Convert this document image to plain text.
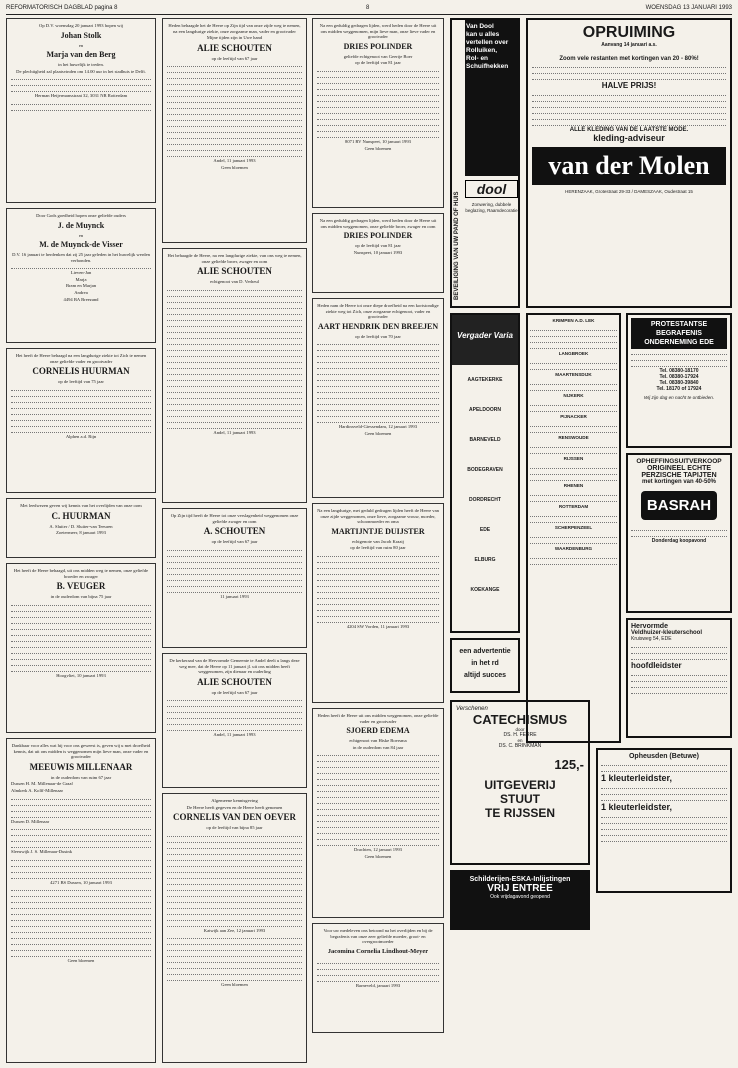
REFORMATORISCH DAGBLAD pagina 8	8	WOENSDAG 13 JANUARI 1993

Op D.V. woensdag 20 januari 1993 hopen wij

Johan Stolk
en
Marja van den Berg

in het huwelijk te treden.

De plechtigheid zal plaatsvinden om 14.00 uur in het stadhuis te Delft.

Herman Heijermansstraat 32, 3031 NR Rotterdam

Door Gods goedheid hopen onze geliefde ouders

J. de Muynck
en
M. de Muynck-de Visser

D.V. 16 januari te herdenken dat zij 25 jaar geleden in het huwelijk werden verbonden.

Lieven-Jan

Marja

Bram en Marjan

Andrea

4494 BA Breezand

Het heeft de Heere behaagd na een langdurige ziekte tot Zich te nemen onze geliefde vader en grootvader

CORNELIS HUURMAN

op de leeftijd van 75 jaar

Alphen a.d. Rijn

Met leedwezen geven wij kennis van het overlijden van onze oom

C. HUURMAN

A. Sluiter / D. Sluiter-van Teeuren

Zoetermeer, 8 januari 1993

Het heeft de Heere behaagd, uit ons midden weg te nemen, onze geliefde broeder en zwager

B. VEUGER

in de ouderdom van bijna 75 jaar

Hoogvliet, 10 januari 1993

Dankbaar voor alles wat hij voor ons geweest is, geven wij u met droefheid kennis, dat uit ons midden is weggenomen mijn lieve man, onze vader en grootvader

MEEUWIS MILLENAAR

in de ouderdom van ruim 67 jaar

Dussen H. M. Millenaar-de Graaf

Almkerk A. Kolff-Millenaar

Dussen D. Millenaar

Sleeuwijk J. S. Millenaar-Dusink

4271 BS Dussen, 10 januari 1993

Geen bloemen

Heden behaagde het de Heere op Zijn tijd van onze zijde weg te nemen, na een langdurige ziekte, onze zorgzame man, vader en grootvader

Mijne tijden zijn in Uwe hand

ALIE SCHOUTEN

op de leeftijd van 67 jaar

Andel, 11 januari 1993

Geen bloemen

Het behaagde de Heere, na een langdurige ziekte, van ons weg te nemen, onze geliefde broer, zwager en oom

ALIE SCHOUTEN

echtgenoot van D. Verheul

Andel, 11 januari 1993

Op Zijn tijd heeft de Heere tot onze verslagenheid weggenomen onze geliefde zwager en oom

A. SCHOUTEN

op de leeftijd van 67 jaar

11 januari 1993

De kerkeraad van de Hervormde Gemeente te Andel deelt u langs deze weg mee, dat de Heere op 11 januari jl. uit ons midden heeft weggenomen, zijn dienaar en ouderling

ALIE SCHOUTEN

op de leeftijd van 67 jaar

Andel, 11 januari 1993

Algemeene kennisgeving

De Heere heeft gegeven en de Heere heeft genomen

CORNELIS VAN DEN OEVER

op de leeftijd van bijna 85 jaar

Katwijk aan Zee, 12 januari 1993

Geen bloemen

Na een geduldig gedragen lijden, werd heden door de Heere uit ons midden weggenomen, mijn lieve man, onze lieve vader en grootvader

DRIES POLINDER

geliefde echtgenoot van Geertje Boer

op de leeftijd van 81 jaar

8071 RV Nunspeet, 10 januari 1993

Geen bloemen

Na een geduldig gedragen lijden, werd heden door de Heere uit ons midden weggenomen, onze geliefde broer, zwager en oom

DRIES POLINDER

op de leeftijd van 81 jaar

Nunspeet, 10 januari 1993

Heden nam de Heere tot onze diepe droefheid na een kortstondige ziekte weg tot Zich, onze zorgzame echtgenoot, vader en grootvader

AART HENDRIK DEN BREEJEN

op de leeftijd van 70 jaar

Hardinxveld-Giessendam, 12 januari 1993

Geen bloemen

Na een langdurige, met geduld gedragen lijden heeft de Heere van onze zijde weggenomen, onze lieve, zorgzame vrouw, moeder, schoonmoeder en oma

MARTIJNTJE DUIJSTER

echtgenote van Jacob Kraaij

op de leeftijd van ruim 80 jaar

4204 SW Vorden, 11 januari 1993

Heden heeft de Heere uit ons midden weggenomen, onze geliefde vader en grootvader

SJOERD EDEMA

echtgenoot van Hiske Boersma

in de ouderdom van 84 jaar

Drachten, 12 januari 1993

Geen bloemen

Voor uw medeleven ons betoond na het overlijden en bij de begrafenis van onze zeer geliefde moeder, groot- en overgrootmoeder

Jacomina Cornelia Lindhout-Meyer

Barneveld, januari 1993

BEVEILIGING VAN UW PAND OF HUIS
Van Dool
kan u alles
vertellen over
Rolluiken,
Rol- en
Schuifhekken
dool
Zonwering, dubbele beglazing, Raamdecoratie
Vergader Varia
AAGTEKERKE
APELDOORN
BARNEVELD
BODEGRAVEN
DORDRECHT
EDE
ELBURG
KOEKANGE
een advertentie
in het rd
altijd succes
Verschenen
CATECHISMUS
door
DS. H. FERRE
en
DS. C. BRINKMAN
125,-
UITGEVERIJ
STUUT
TE RIJSSEN
Schilderijen-ESKA-Inlijstingen
VRIJ ENTREE
Ook vrijdagavond geopend
OPRUIMING
Aanvang 14 januari a.s.
Zoom vele restanten met kortingen van 20 - 80%!
HALVE PRIJS!
ALLE KLEDING VAN DE LAATSTE MODE.
kleding-adviseur
van der Molen
HERENZAAK, Grotestraat 29-33 / DAMESZAAK, Oudestraat 15
KRIMPEN A.D. LEK
LANGBROEK
MAARTENSDIJK
NIJKERK
PIJNACKER
RENSWOUDE
RIJSSEN
RHENEN
ROTTERDAM
SCHERPENZEEL
WAARDENBURG
PROTESTANTSE
BEGRAFENIS
ONDERNEMING EDE
Tel. 08380-18170
Tel. 08380-17924
Tel. 08380-39840
Tel. 18170 of 17924
Wij zijn dag en nacht te ontbieden.
OPHEFFINGSUITVERKOOP
ORIGINEEL ECHTE
PERZISCHE TAPIJTEN
met kortingen van 40-50%
BASRAH
Donderdag koopavond
Hervormde
Veldhuizer-kleuterschool
Kruisweg 54, EDE
hoofdleidster
Opheusden (Betuwe)
1 kleuterleidster,
1 kleuterleidster,
